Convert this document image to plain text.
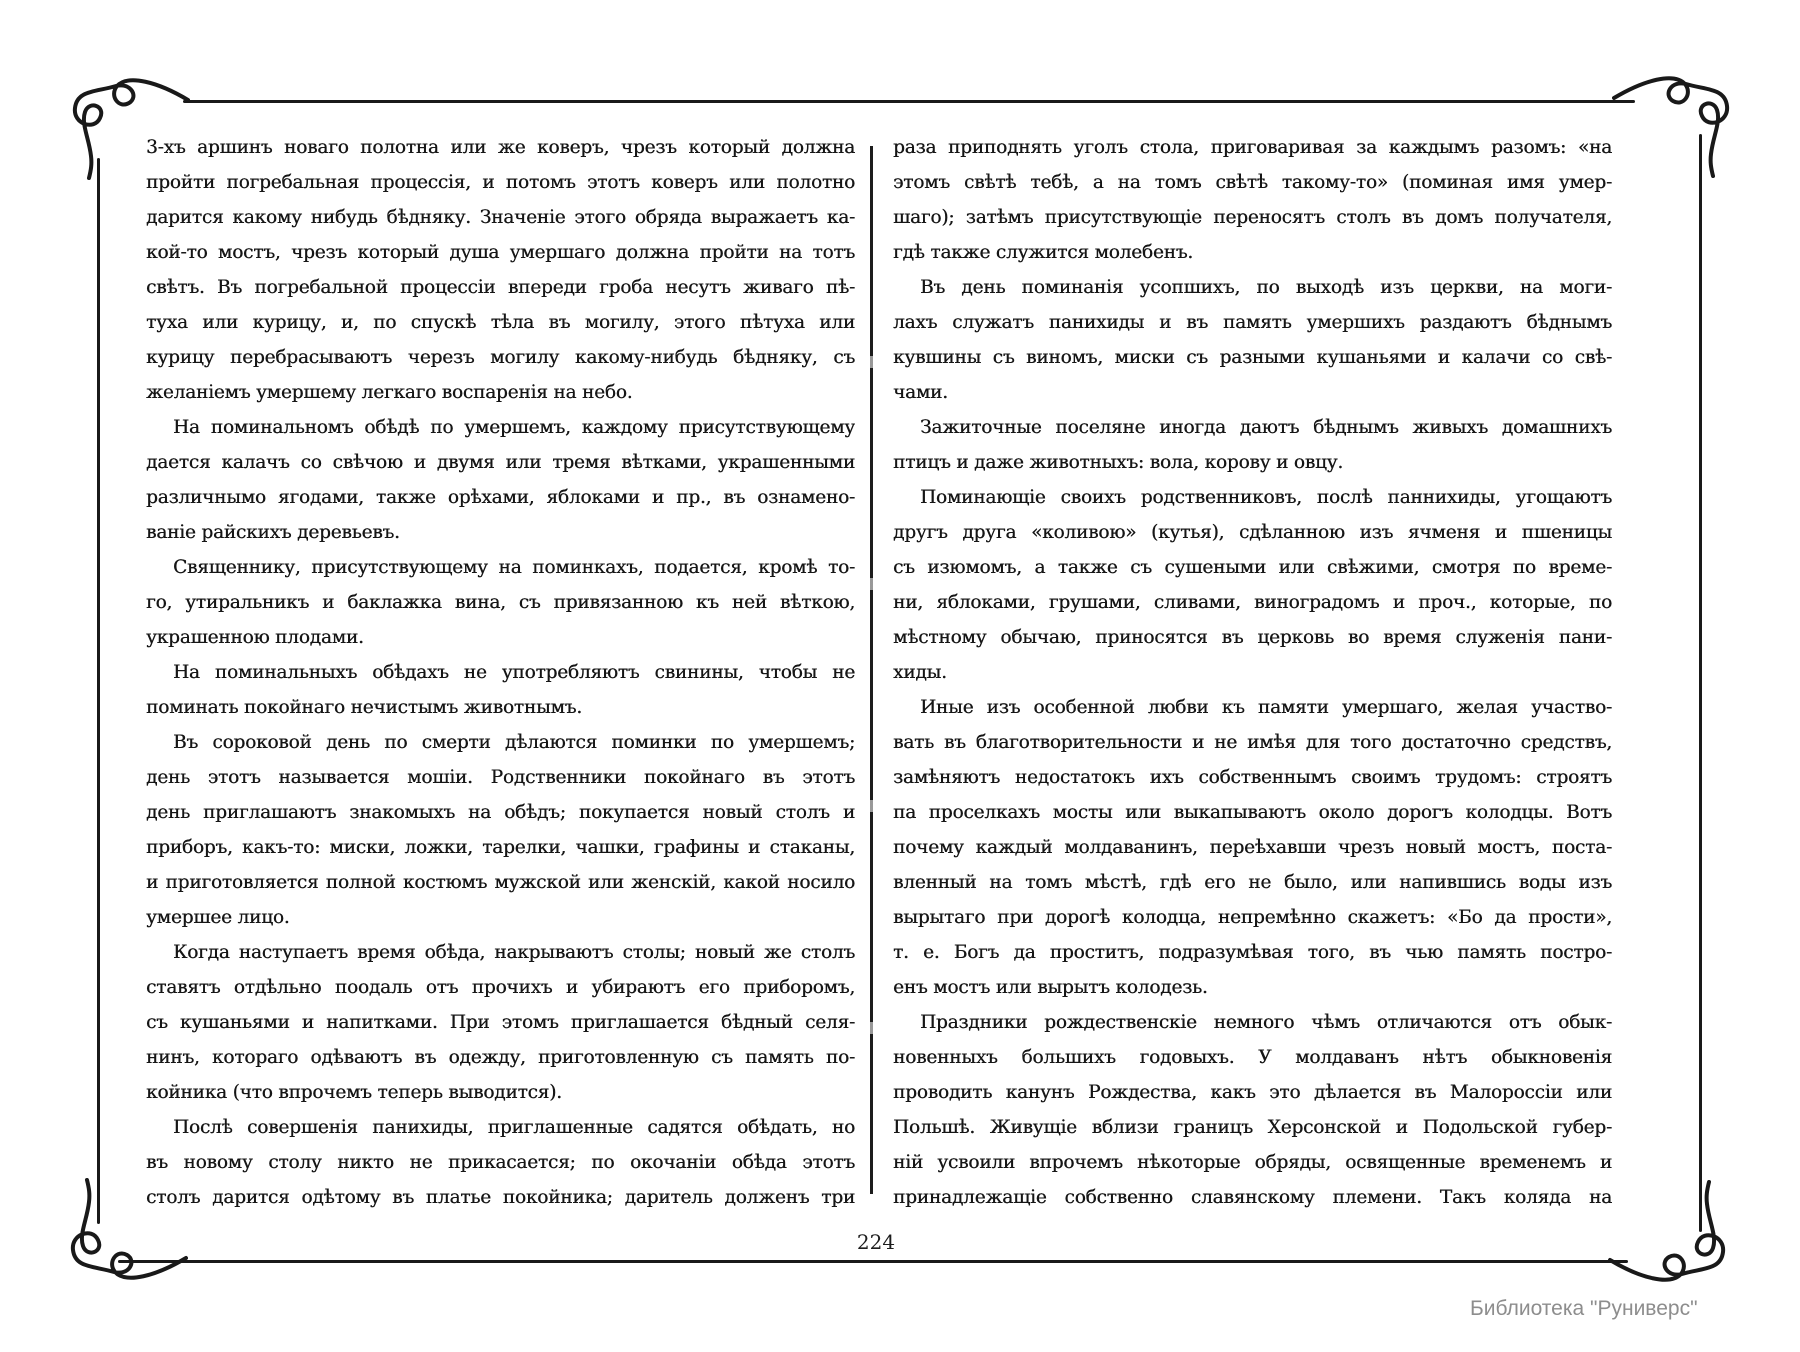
3-хъ аршинъ новаго полотна или же коверъ, чрезъ который должна
пройти погребальная процессія, и потомъ этотъ коверъ или полотно
дарится какому нибудь бѣдняку. Значеніе этого обряда выражаетъ ка-
кой-то мостъ, чрезъ который душа умершаго должна пройти на тотъ
свѣтъ. Въ погребальной процессіи впереди гроба несутъ живаго пѣ-
туха или курицу, и, по спускѣ тѣла въ могилу, этого пѣтуха или
курицу перебрасываютъ черезъ могилу какому-нибудь бѣдняку, съ
желаніемъ умершему легкаго воспаренія на небо.
На поминальномъ обѣдѣ по умершемъ, каждому присутствующему
дается калачъ со свѣчою и двумя или тремя вѣтками, украшенными
различнымо ягодами, также орѣхами, яблоками и пр., въ ознамено-
ваніе райскихъ деревьевъ.
Священнику, присутствующему на поминкахъ, подается, кромѣ то-
го, утиральникъ и баклажка вина, съ привязанною къ ней вѣткою,
украшенною плодами.
На поминальныхъ обѣдахъ не употребляютъ свинины, чтобы не
поминать покойнаго нечистымъ животнымъ.
Въ сороковой день по смерти дѣлаются поминки по умершемъ;
день этотъ называется мошіи. Родственники покойнаго въ этотъ
день приглашаютъ знакомыхъ на обѣдъ; покупается новый столъ и
приборъ, какъ-то: миски, ложки, тарелки, чашки, графины и стаканы,
и приготовляется полной костюмъ мужской или женскій, какой носило
умершее лицо.
Когда наступаетъ время обѣда, накрываютъ столы; новый же столъ
ставятъ отдѣльно поодаль отъ прочихъ и убираютъ его приборомъ,
съ кушаньями и напитками. При этомъ приглашается бѣдный селя-
нинъ, котораго одѣваютъ въ одежду, приготовленную съ память по-
койника (что впрочемъ теперь выводится).
Послѣ совершенія панихиды, приглашенные садятся обѣдать, но
въ новому столу никто не прикасается; по окочаніи обѣда этотъ
столъ дарится одѣтому въ платье покойника; даритель долженъ три
раза приподнять уголъ стола, приговаривая за каждымъ разомъ: «на
этомъ свѣтѣ тебѣ, а на томъ свѣтѣ такому-то» (поминая имя умер-
шаго); затѣмъ присутствующіе переносятъ столъ въ домъ получателя,
гдѣ также служится молебенъ.
Въ день поминанія усопшихъ, по выходѣ изъ церкви, на моги-
лахъ служатъ панихиды и въ память умершихъ раздаютъ бѣднымъ
кувшины съ виномъ, миски съ разными кушаньями и калачи со свѣ-
чами.
Зажиточные поселяне иногда даютъ бѣднымъ живыхъ домашнихъ
птицъ и даже животныхъ: вола, корову и овцу.
Поминающіе своихъ родственниковъ, послѣ паннихиды, угощаютъ
другъ друга «коливою» (кутья), сдѣланною изъ ячменя и пшеницы
съ изюмомъ, а также съ сушеными или свѣжими, смотря по време-
ни, яблоками, грушами, сливами, виноградомъ и проч., которые, по
мѣстному обычаю, приносятся въ церковь во время служенія пани-
хиды.
Иные изъ особенной любви къ памяти умершаго, желая участво-
вать въ благотворительности и не имѣя для того достаточно средствъ,
замѣняютъ недостатокъ ихъ собственнымъ своимъ трудомъ: строятъ
па проселкахъ мосты или выкапываютъ около дорогъ колодцы. Вотъ
почему каждый молдаванинъ, переѣхавши чрезъ новый мостъ, поста-
вленный на томъ мѣстѣ, гдѣ его не было, или напившись воды изъ
вырытаго при дорогѣ колодца, непремѣнно скажетъ: «Бо да прости»,
т. е. Богъ да проститъ, подразумѣвая того, въ чью память постро-
енъ мостъ или вырытъ колодезь.
Праздники рождественскіе немного чѣмъ отличаются отъ обык-
новенныхъ большихъ годовыхъ. У молдаванъ нѣтъ обыкновенія
проводить канунъ Рождества, какъ это дѣлается въ Малороссіи или
Польшѣ. Живущіе вблизи границъ Херсонской и Подольской губер-
ній усвоили впрочемъ нѣкоторые обряды, освященные временемъ и
принадлежащіе собственно славянскому племени. Такъ коляда на
224
Библиотека "Руниверс"
